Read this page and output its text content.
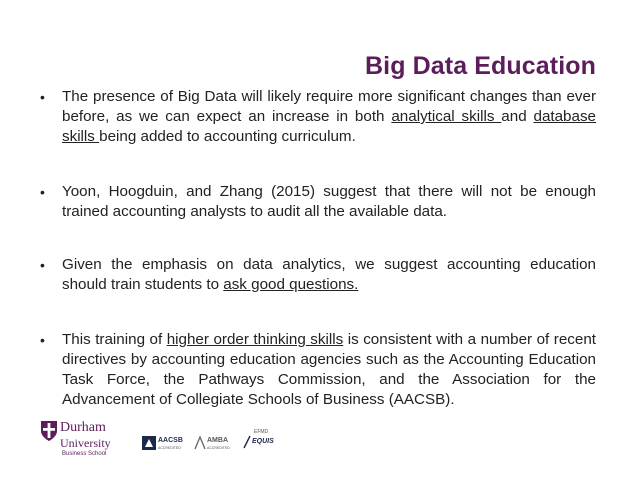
Big Data Education
•	The presence of Big Data will likely require more significant changes than ever before, as we can expect an increase in both analytical skills and database skills being added to accounting curriculum.
•	Yoon, Hoogduin, and Zhang (2015) suggest that there will not be enough trained accounting analysts to audit all the available data.
•	Given the emphasis on data analytics, we suggest accounting education should train students to ask good questions.
•	This training of higher order thinking skills is consistent with a number of recent directives by accounting education agencies such as the Accounting Education Task Force, the Pathways Commission, and the Association for the Advancement of Collegiate Schools of Business (AACSB).
Durham
University
Business School
AACSB
ACCREDITED
AMBA
ACCREDITED
EFMD
EQUIS
